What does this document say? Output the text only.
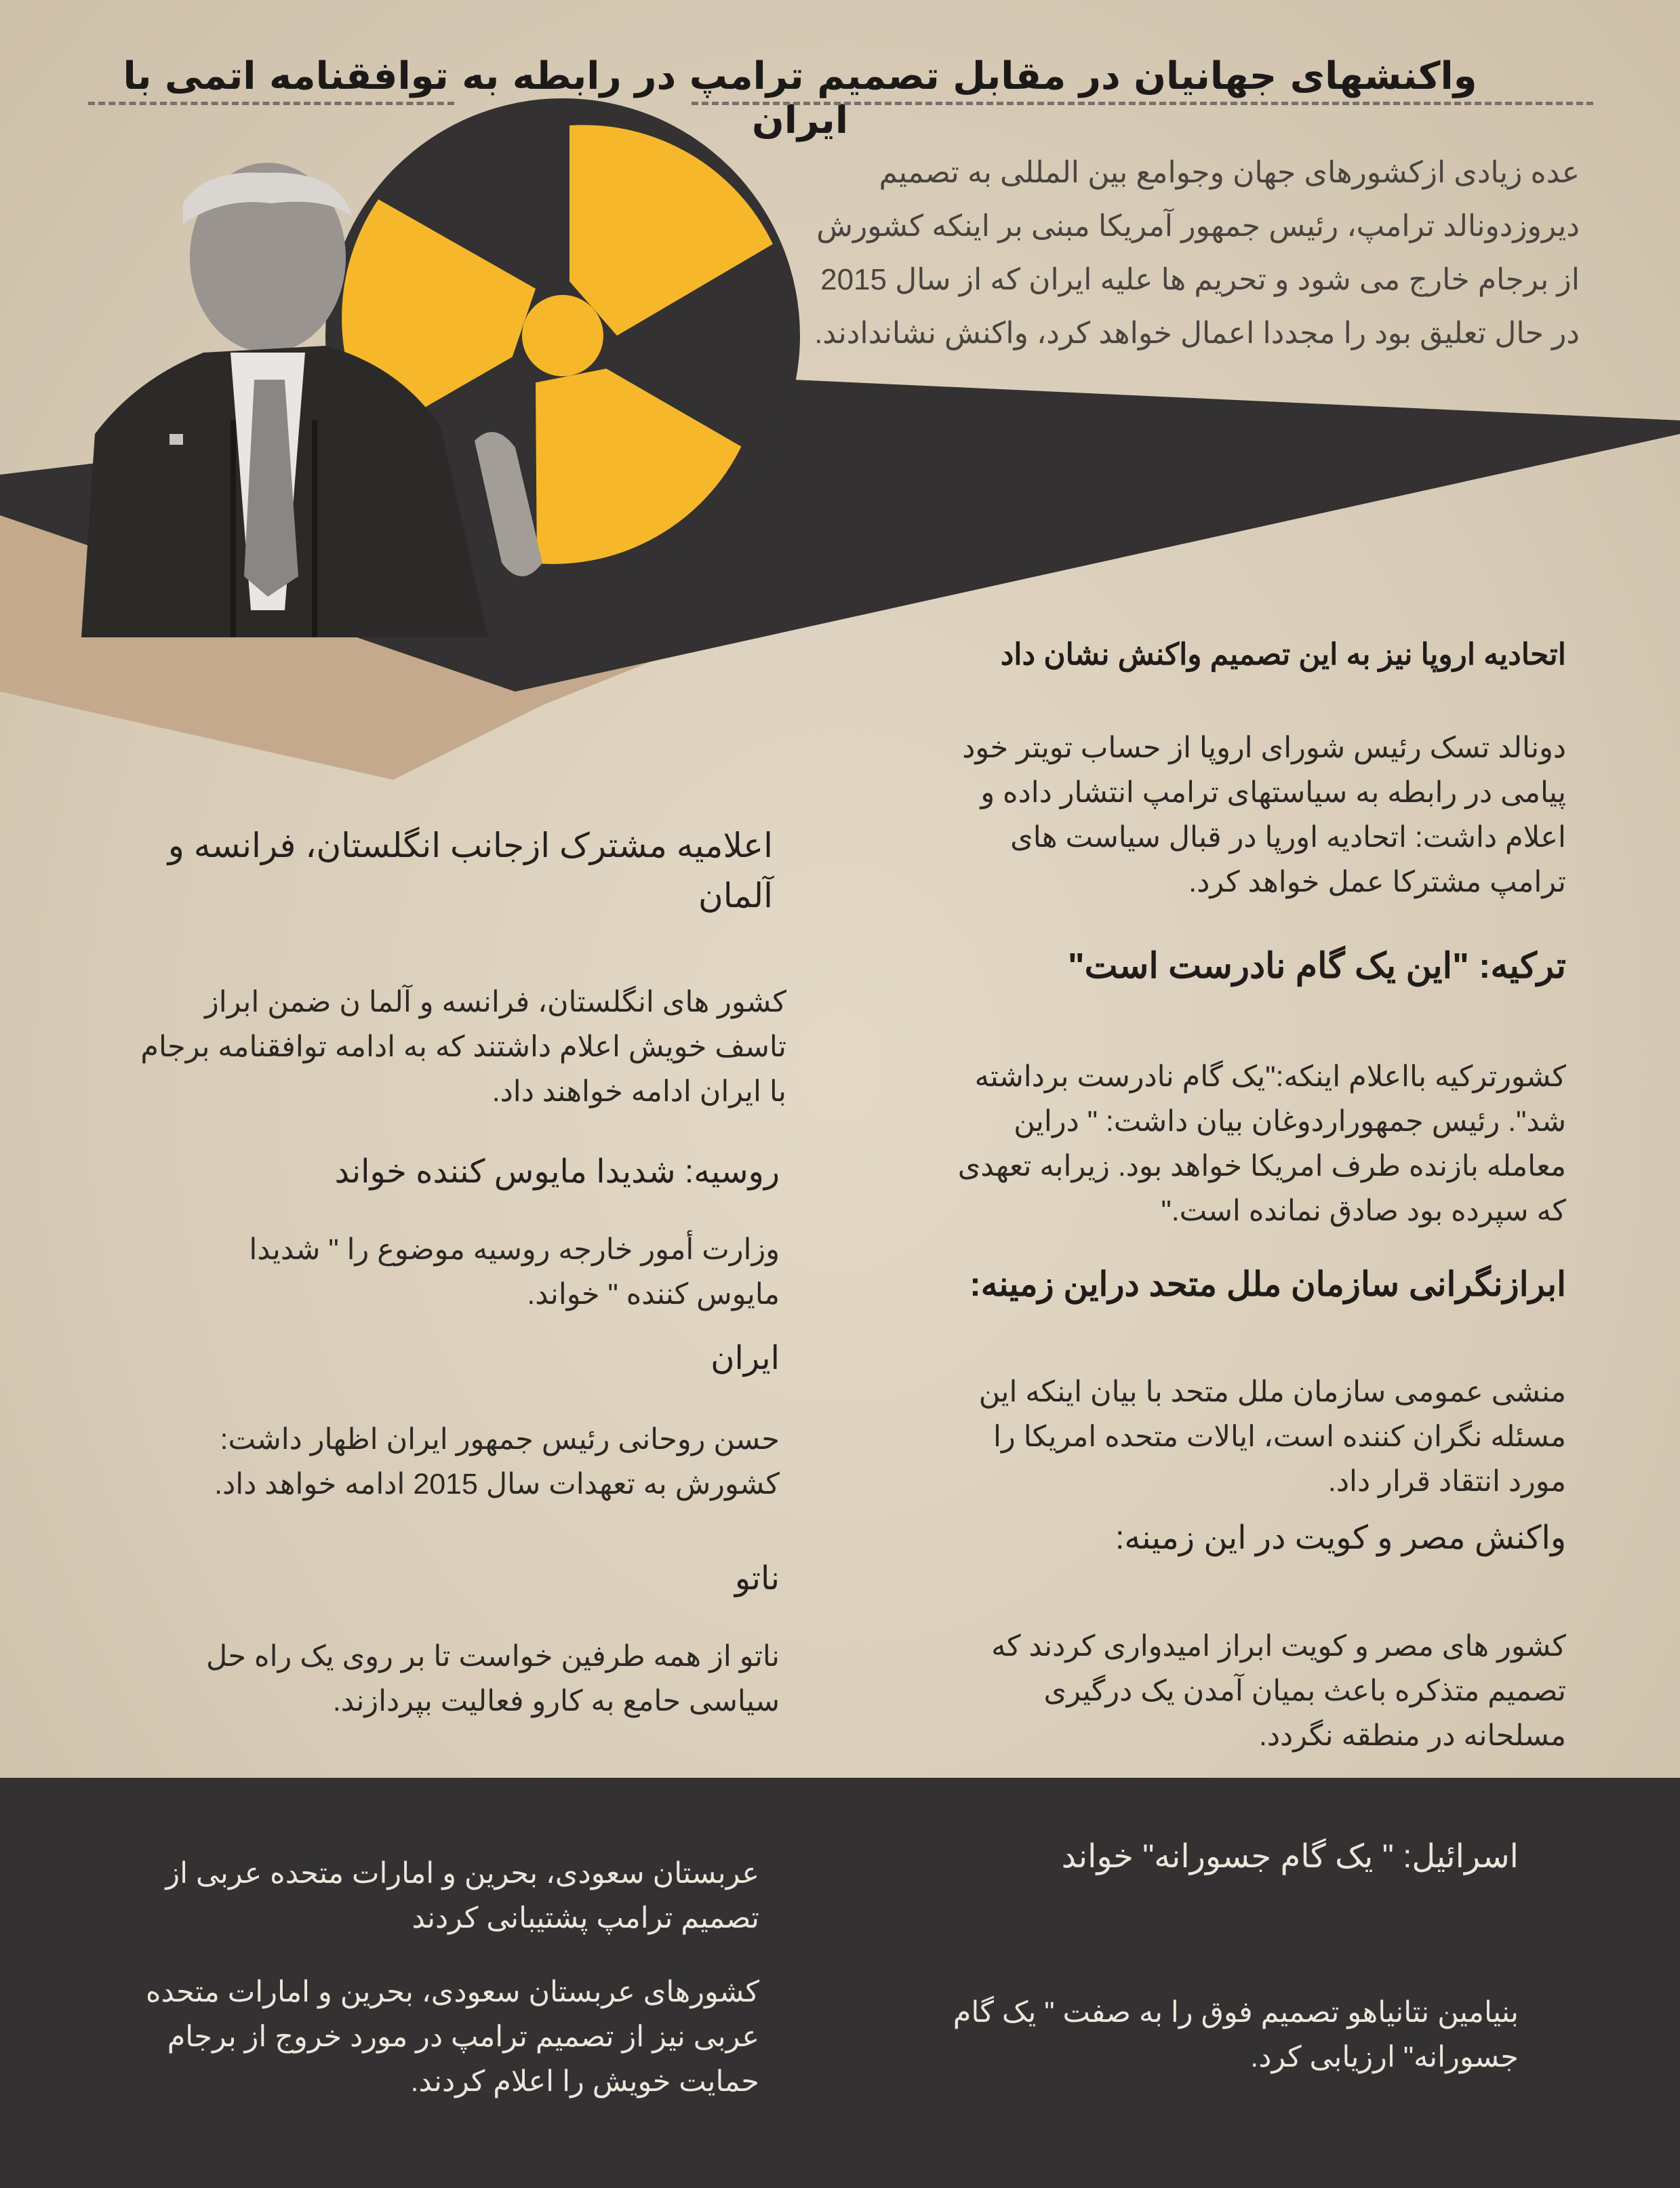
واکنشهای جهانیان در مقابل تصمیم ترامپ در رابطه به توافقنامه اتمی با ایران
عده زیادی ازکشورهای جهان وجوامع بین المللی به تصمیم
دیروزدونالد ترامپ، رئیس جمهور آمریکا مبنی بر اینکه کشورش
از برجام خارج می شود و تحریم ها علیه ایران که از سال 2015
در حال تعلیق بود را مجددا اعمال خواهد کرد، واکنش نشاندادند.
اتحادیه اروپا نیز به این تصمیم واکنش نشان داد
دونالد تسک رئیس شورای اروپا از حساب تویتر خود
پیامی در رابطه به سیاستهای ترامپ انتشار داده و
اعلام داشت: اتحادیه اورپا در قبال سیاست های
ترامپ مشترکا عمل خواهد کرد.
ترکیه: "این یک گام نادرست است"
کشورترکیه بااعلام اینکه:"یک گام نادرست برداشته
شد". رئیس جمهوراردوغان بیان داشت: " دراین
معامله بازنده طرف امریکا خواهد بود. زیرابه تعهدی
که سپرده بود صادق نمانده است."
ابرازنگرانی سازمان ملل متحد دراین زمینه:
منشی عمومی سازمان ملل متحد با بیان اینکه این
مسئله نگران کننده است، ایالات متحده امریکا را
مورد انتقاد قرار داد.
واکنش مصر و کویت در این زمینه:
کشور های مصر و کویت ابراز امیدواری کردند که
تصمیم متذکره باعث بمیان آمدن یک درگیری
مسلحانه در منطقه نگردد.
اعلامیه مشترک ازجانب انگلستان، فرانسه و آلمان
کشور های انگلستان، فرانسه و آلما ن ضمن ابراز
تاسف خویش اعلام داشتند که به ادامه توافقنامه برجام
با ایران ادامه خواهند داد.
روسیه: شدیدا مایوس کننده خواند
وزارت أمور خارجه روسیه موضوع را " شدیدا
مایوس کننده " خواند.
ایران
حسن روحانی رئیس جمهور ایران اظهار داشت:
کشورش به تعهدات سال 2015 ادامه خواهد داد.
ناتو
ناتو از همه طرفین خواست تا بر روی یک راه حل
سیاسی حامع به کارو فعالیت بپردازند.
اسرائیل: " یک گام جسورانه" خواند
بنیامین نتانیاهو تصمیم فوق را به صفت " یک گام
جسورانه" ارزیابی کرد.
عربستان سعودی، بحرین و امارات متحده عربی از
تصمیم ترامپ پشتیبانی کردند
کشورهای عربستان سعودی، بحرین و امارات متحده
عربی نیز از تصمیم ترامپ در مورد خروج از برجام
حمایت خویش را اعلام کردند.
